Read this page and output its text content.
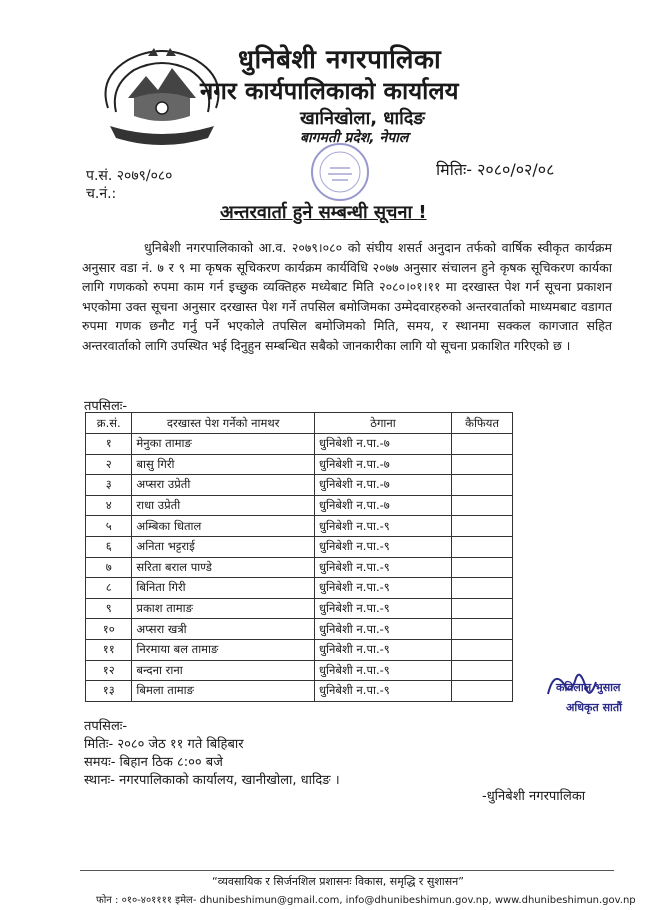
धुनिबेशी नगरपालिका
नगर कार्यपालिकाको कार्यालय
खानिखोला, धादिङ
बागमती प्रदेश, नेपाल
प.सं. २०७९/०८०
च.नं.:
मितिः- २०८०/०२/०८
अन्तरवार्ता हुने सम्बन्धी सूचना !
धुनिबेशी नगरपालिकाको आ.व. २०७९।०८० को संघीय शसर्त अनुदान तर्फको वार्षिक स्वीकृत कार्यक्रम अनुसार वडा नं. ७ र ९ मा कृषक सूचिकरण कार्यक्रम कार्यविधि २०७७ अनुसार संचालन हुने कृषक सूचिकरण कार्यका लागि गणकको रुपमा काम गर्न इच्छुक व्यक्तिहरु मध्येबाट मिति २०८०।०१।११ मा दरखास्त पेश गर्न सूचना प्रकाशन भएकोमा उक्त सूचना अनुसार दरखास्त पेश गर्ने तपसिल बमोजिमका उम्मेदवारहरुको अन्तरवार्ताको माध्यमबाट वडागत रुपमा गणक छनौट गर्नु पर्ने भएकोले तपसिल बमोजिमको मिति, समय, र स्थानमा सक्कल कागजात सहित अन्तरवार्ताको लागि उपस्थित भई दिनुहुन सम्बन्धित सबैको जानकारीका लागि यो सूचना प्रकाशित गरिएको छ ।
तपसिलः-
क्र.सं.	दरखास्त पेश गर्नेको नामथर	ठेगाना	कैफियत
१	मेनुका तामाङ	धुनिबेशी न.पा.-७	
२	बासु गिरी	धुनिबेशी न.पा.-७	
३	अप्सरा उप्रेती	धुनिबेशी न.पा.-७	
४	राधा उप्रेती	धुनिबेशी न.पा.-७	
५	अम्बिका धिताल	धुनिबेशी न.पा.-९	
६	अनिता भट्टराई	धुनिबेशी न.पा.-९	
७	सरिता बराल पाण्डे	धुनिबेशी न.पा.-९	
८	बिनिता गिरी	धुनिबेशी न.पा.-९	
९	प्रकाश तामाङ	धुनिबेशी न.पा.-९	
१०	अप्सरा खत्री	धुनिबेशी न.पा.-९	
११	निरमाया बल तामाङ	धुनिबेशी न.पा.-९	
१२	बन्दना राना	धुनिबेशी न.पा.-९	
१३	बिमला तामाङ	धुनिबेशी न.पा.-९		कविलाल भुसाल
अधिकृत सातौं
तपसिलः-
मितिः- २०८० जेठ ११ गते बिहिबार
समयः- बिहान ठिक ८:०० बजे
स्थानः- नगरपालिकाको कार्यालय, खानीखोला, धादिङ ।
-धुनिबेशी नगरपालिका
“व्यवसायिक र सिर्जनशिल प्रशासनः विकास, समृद्धि र सुशासन”
फोन : ०१०-४०११११ इमेल- dhunibeshimun@gmail.com, info@dhunibeshimun.gov.np, www.dhunibeshimun.gov.np
